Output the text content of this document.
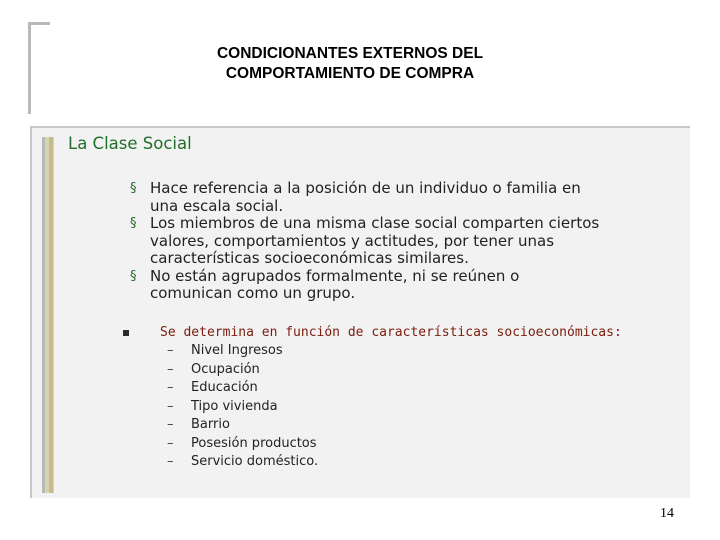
CONDICIONANTES EXTERNOS DEL
COMPORTAMIENTO DE COMPRA
La Clase Social
§ Hace referencia a la posición de un individuo o familia en
una escala social.
§ Los miembros de una misma clase social comparten ciertos
valores, comportamientos y actitudes, por tener unas
características socioeconómicas similares.
§ No están agrupados formalmente, ni se reúnen o
comunican como un grupo.
Se determina en función de características socioeconómicas:
– Nivel Ingresos
– Ocupación
– Educación
– Tipo vivienda
– Barrio
– Posesión productos
– Servicio doméstico.
14
